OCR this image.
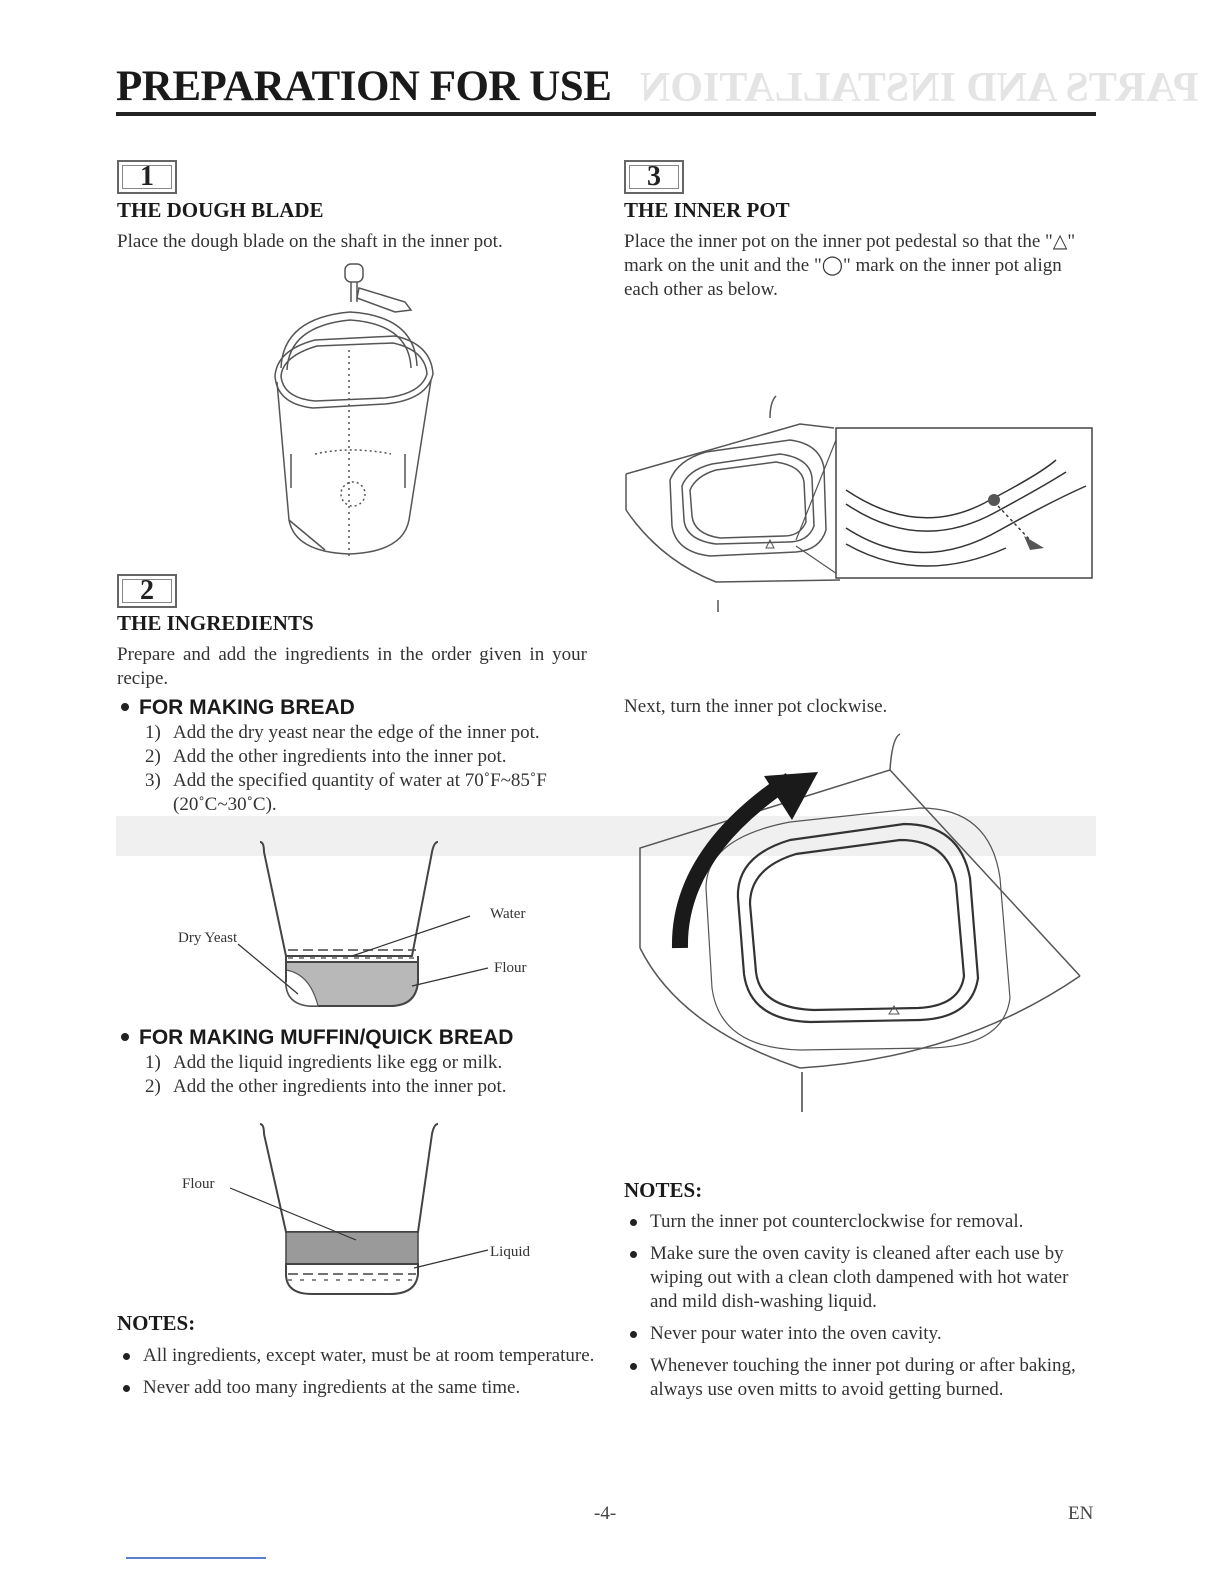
PARTS AND INSTALLATION
PREPARATION FOR USE
1
THE DOUGH BLADE

Place the dough blade on the shaft in the inner pot.

2
THE INGREDIENTS

Prepare and add the ingredients in the order given in your recipe.

FOR MAKING BREAD
1) Add the dry yeast near the edge of the inner pot.
2) Add the other ingredients into the inner pot.
3) Add the specified quantity of water at 70˚F~85˚F (20˚C~30˚C).
Water
Dry Yeast
Flour
FOR MAKING MUFFIN/QUICK BREAD
1) Add the liquid ingredients like egg or milk.
2) Add the other ingredients into the inner pot.
Flour
Liquid
NOTES:
All ingredients, except water, must be at room temperature.
Never add too many ingredients at the same time.
3
THE INNER POT

Place the inner pot on the inner pot pedestal so that the "△" mark on the unit and the "◯" mark on the inner pot align each other as below.

Next, turn the inner pot clockwise.

NOTES:
Turn the inner pot counterclockwise for removal.
Make sure the oven cavity is cleaned after each use by wiping out with a clean cloth dampened with hot water and mild dish-washing liquid.
Never pour water into the oven cavity.
Whenever touching the inner pot during or after baking, always use oven mitts to avoid getting burned.
-4-	EN
